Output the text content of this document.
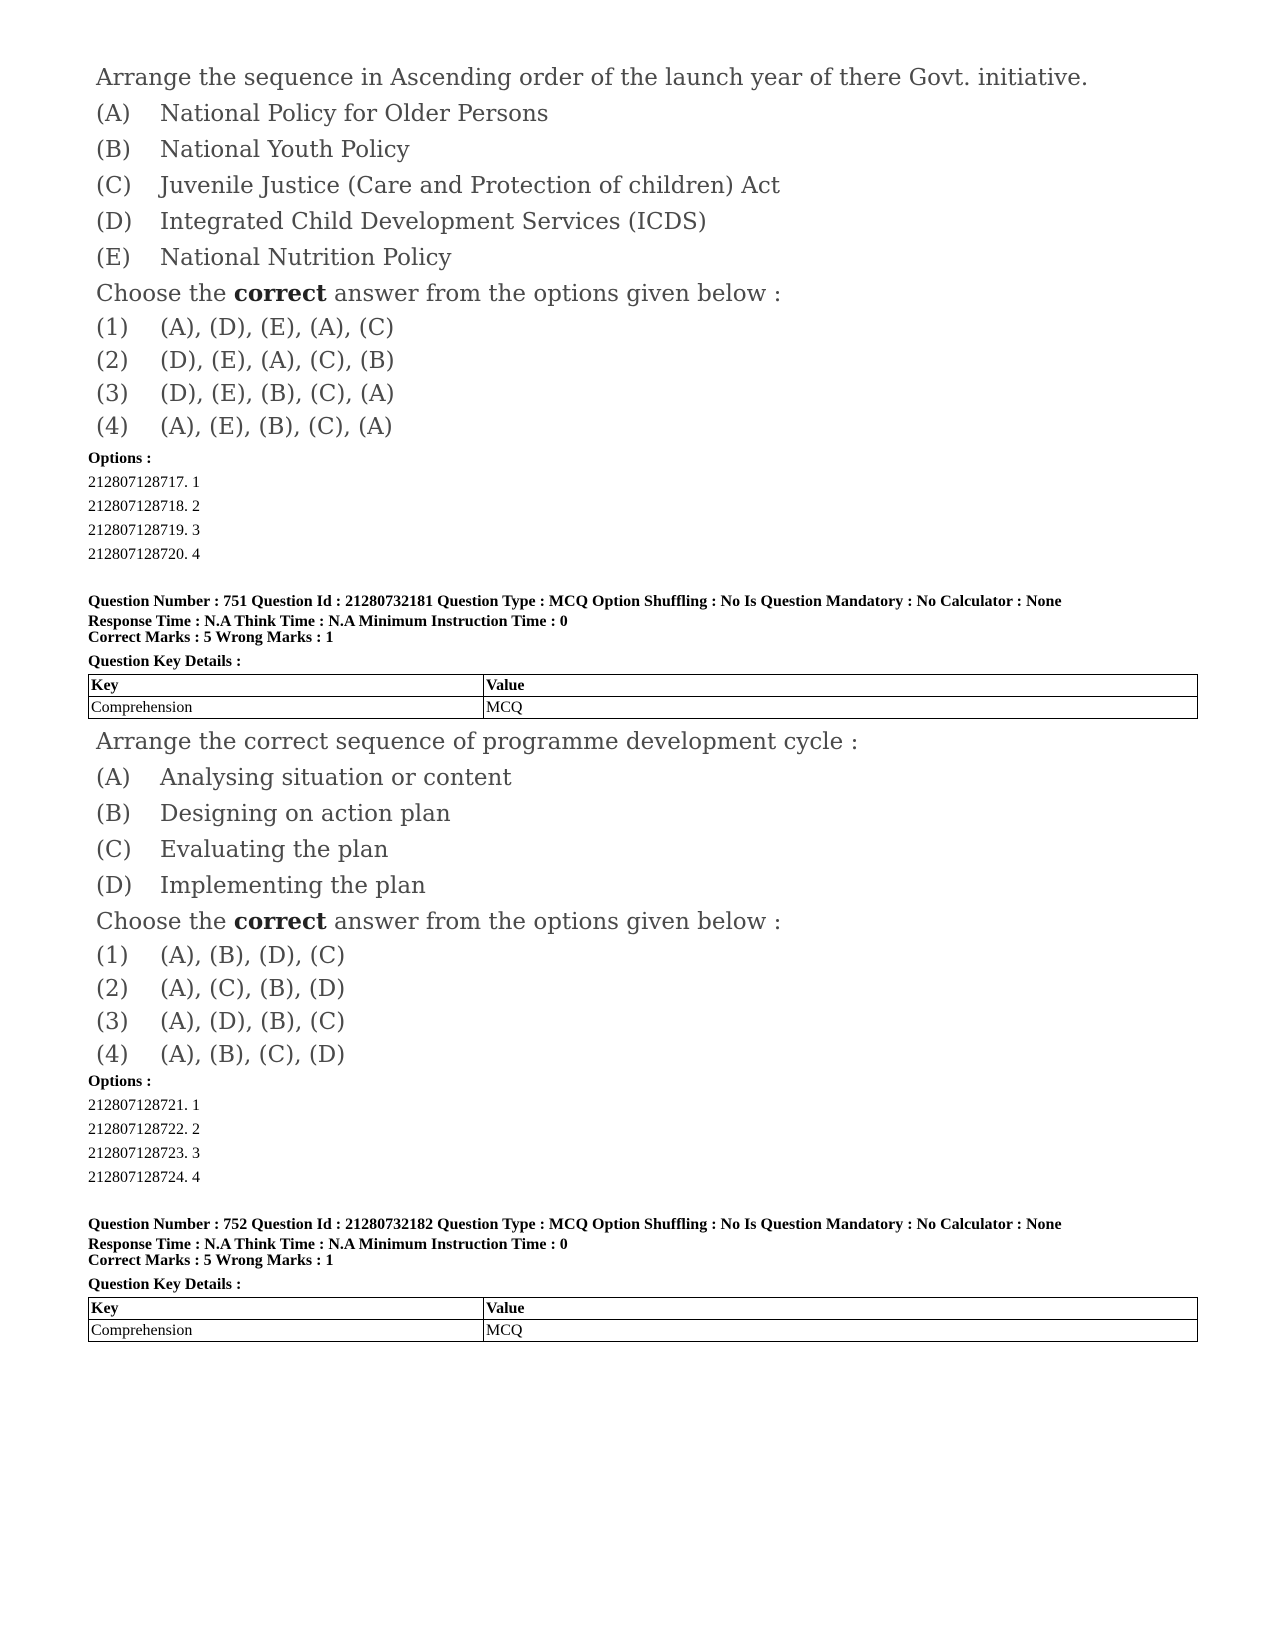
Arrange the sequence in Ascending order of the launch year of there Govt. initiative.
(A)	National Policy for Older Persons
(B)	National Youth Policy
(C)	Juvenile Justice (Care and Protection of children) Act
(D)	Integrated Child Development Services (ICDS)
(E)	National Nutrition Policy
Choose the correct answer from the options given below :
(1)	(A), (D), (E), (A), (C)
(2)	(D), (E), (A), (C), (B)
(3)	(D), (E), (B), (C), (A)
(4)	(A), (E), (B), (C), (A)
Options :
212807128717. 1
212807128718. 2
212807128719. 3
212807128720. 4
Question Number : 751 Question Id : 21280732181 Question Type : MCQ Option Shuffling : No Is Question Mandatory : No Calculator : None
Response Time : N.A Think Time : N.A Minimum Instruction Time : 0
Correct Marks : 5 Wrong Marks : 1
Question Key Details :
Key	Value
Comprehension	MCQ
Arrange the correct sequence of programme development cycle :
(A)	Analysing situation or content
(B)	Designing on action plan
(C)	Evaluating the plan
(D)	Implementing the plan
Choose the correct answer from the options given below :
(1)	(A), (B), (D), (C)
(2)	(A), (C), (B), (D)
(3)	(A), (D), (B), (C)
(4)	(A), (B), (C), (D)
Options :
212807128721. 1
212807128722. 2
212807128723. 3
212807128724. 4
Question Number : 752 Question Id : 21280732182 Question Type : MCQ Option Shuffling : No Is Question Mandatory : No Calculator : None
Response Time : N.A Think Time : N.A Minimum Instruction Time : 0
Correct Marks : 5 Wrong Marks : 1
Question Key Details :
Key	Value
Comprehension	MCQ
